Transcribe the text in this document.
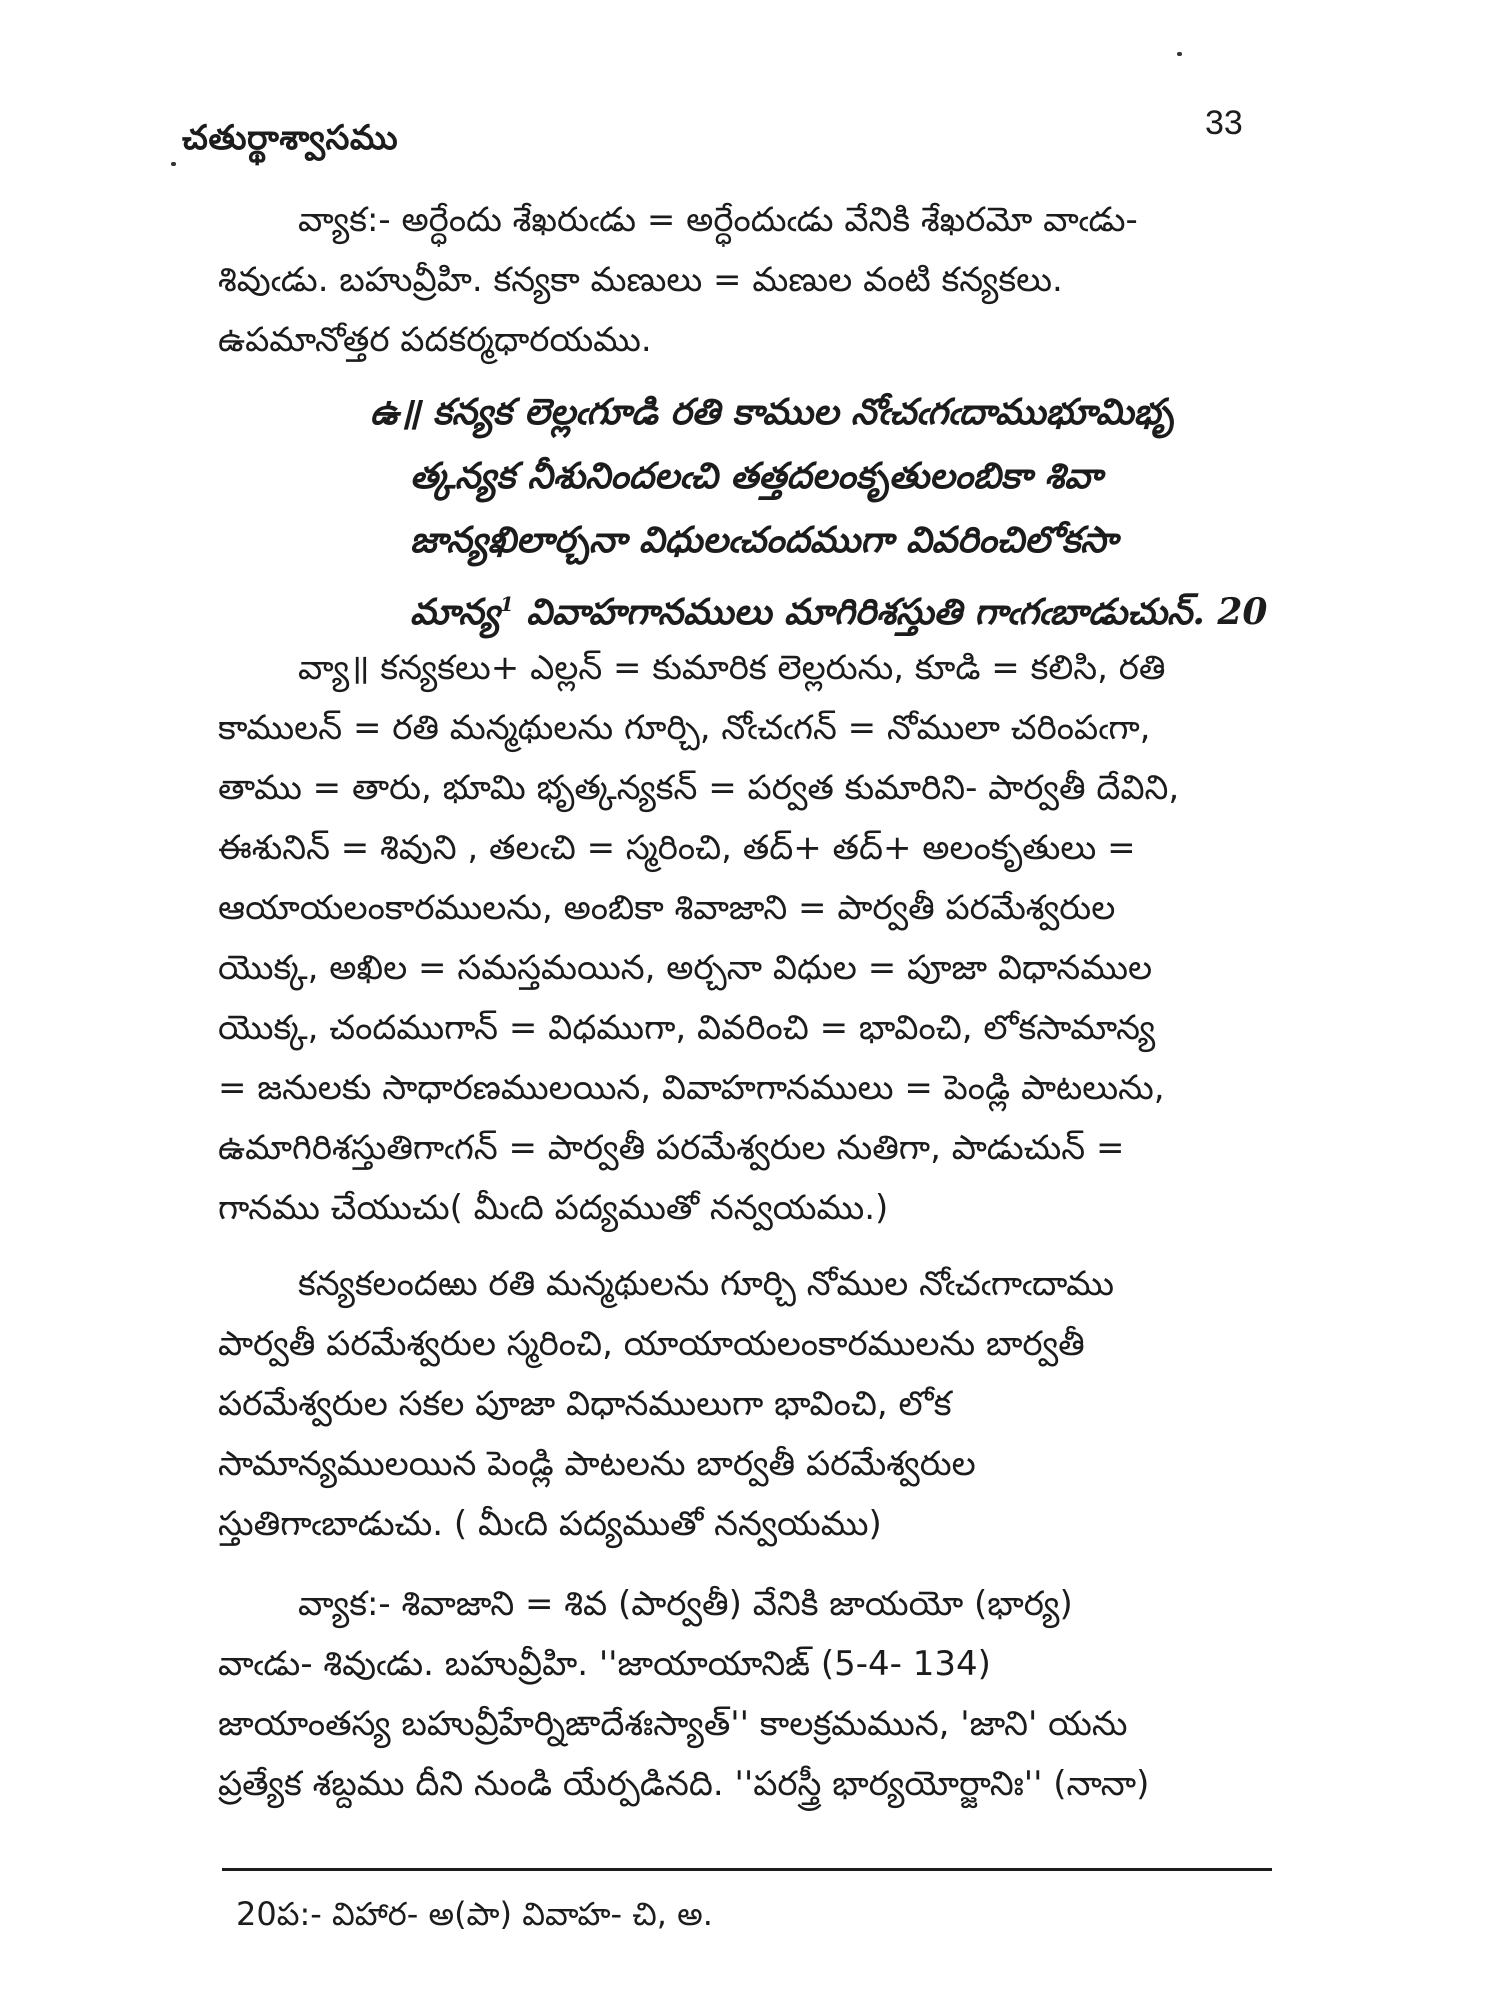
చతుర్థాశ్వాసము	33
వ్యాక:- అర్ధేందు శేఖరుఁడు = అర్ధేందుఁడు వేనికి శేఖరమో వాఁడు-
శివుఁడు. బహువ్రీహి. కన్యకా మణులు = మణుల వంటి కన్యకలు.
ఉపమానోత్తర పదకర్మధారయము.
ఉ॥ కన్యక లెల్లఁగూడి రతి కాముల నోఁచఁగఁదాముభూమిభృ
త్కన్యక నీశునిందలఁచి తత్తదలంకృతులంబికా శివా
జాన్యఖిలార్చనా విధులఁచందముగా వివరించిలోకసా
మాన్య$^1$ వివాహగానములు మాగిరిశస్తుతి గాఁగఁబాడుచున్. 20
వ్యా॥ కన్యకలు+ ఎల్లన్ = కుమారిక లెల్లరును, కూడి = కలిసి, రతి
కాములన్ = రతి మన్మథులను గూర్చి, నోఁచఁగన్ = నోములా చరింపఁగా,
తాము = తారు, భూమి భృత్కన్యకన్ = పర్వత కుమారిని- పార్వతీ దేవిని,
ఈశునిన్ = శివుని , తలఁచి = స్మరించి, తద్+ తద్+ అలంకృతులు =
ఆయాయలంకారములను, అంబికా శివాజాని = పార్వతీ పరమేశ్వరుల
యొక్క, అఖిల = సమస్తమయిన, అర్చనా విధుల = పూజా విధానముల
యొక్క, చందముగాన్ = విధముగా, వివరించి = భావించి, లోకసామాన్య
= జనులకు సాధారణములయిన, వివాహగానములు = పెండ్లి పాటలును,
ఉమాగిరిశస్తుతిగాఁగన్ = పార్వతీ పరమేశ్వరుల నుతిగా, పాడుచున్ =
గానము చేయుచు( మీఁది పద్యముతో నన్వయము.)
కన్యకలందఱు రతి మన్మథులను గూర్చి నోముల నోఁచఁగాఁదాము
పార్వతీ పరమేశ్వరుల స్మరించి, యాయాయలంకారములను బార్వతీ
పరమేశ్వరుల సకల పూజా విధానములుగా భావించి, లోక
సామాన్యములయిన పెండ్లి పాటలను బార్వతీ పరమేశ్వరుల
స్తుతిగాఁబాడుచు. ( మీఁది పద్యముతో నన్వయము)
వ్యాక:- శివాజాని = శివ (పార్వతీ) వేనికి జాయయో (భార్య)
వాఁడు- శివుఁడు. బహువ్రీహి. ''జాయాయానిఙ్ (5-4- 134)
జాయాంతస్య బహువ్రీహేర్నిఙాదేశఃస్యాత్'' కాలక్రమమున, 'జాని' యను
ప్రత్యేక శబ్దము దీని నుండి యేర్పడినది. ''పరస్త్రీ భార్యయోర్జానిః'' (నానా)
20ప:- విహార- అ(పా) వివాహ- చి, అ.
